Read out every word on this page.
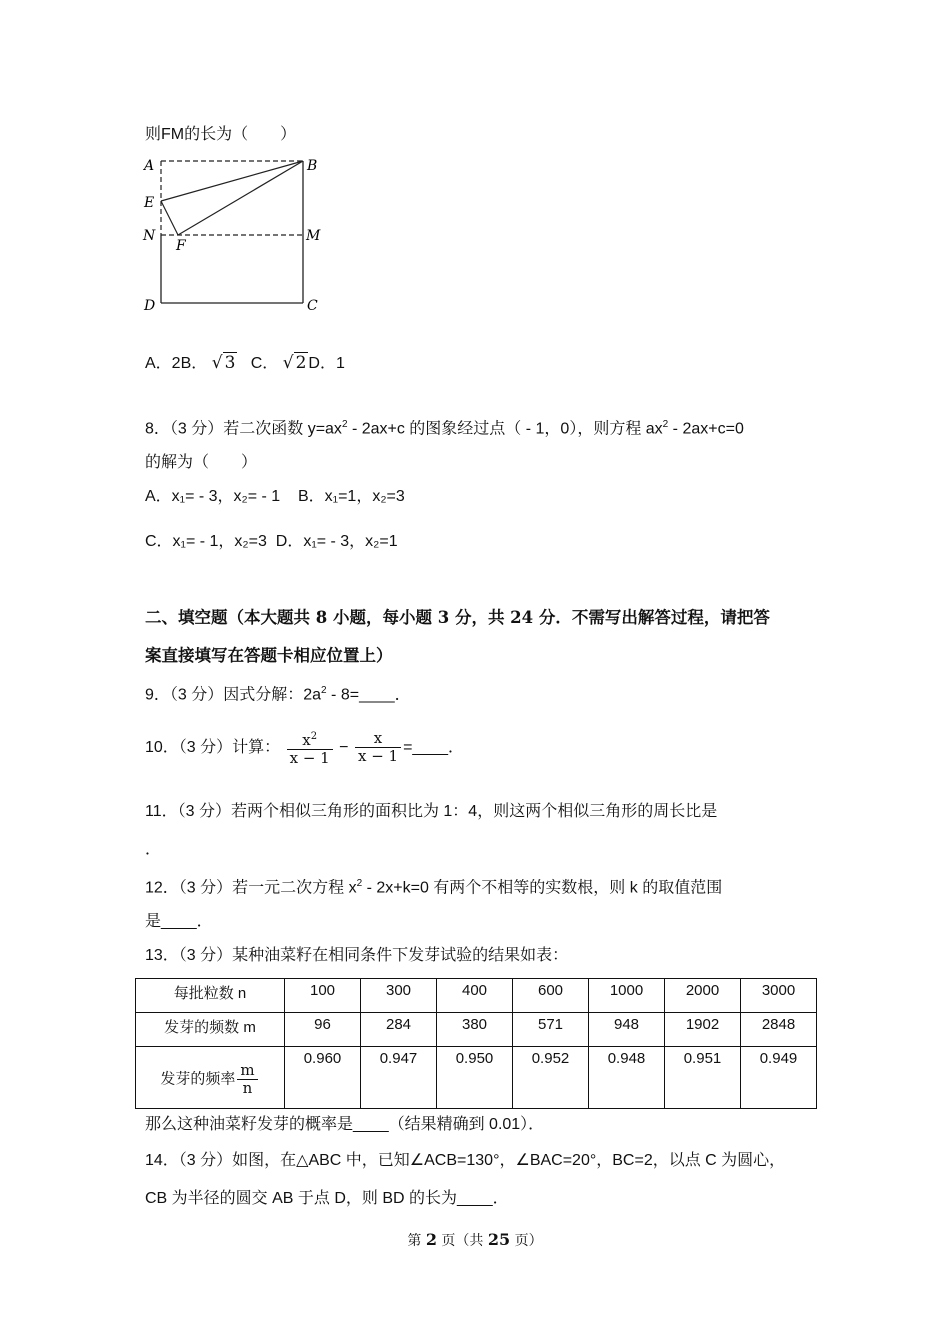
则FM的长为（　　）
A	B
E
N
F
M
D	C
A．2B． √ 3 C． √ 2 D．1
8．（3 分）若二次函数 $y=ax^2$ ‐ 2ax+c 的图象经过点（ ‐ 1，0），则方程 $ax^2$ ‐ 2ax+c=0
的解为（　　）
A．x₁= ‐ 3，x₂= ‐ 1 B．x₁=1，x₂=3
C．x₁= ‐ 1，x₂=3 D．x₁= ‐ 3，x₂=1
二、填空题（本大题共 8 小题，每小题 3 分，共 24 分．不需写出解答过程，请把答
案直接填写在答题卡相应位置上）
9．（3 分）因式分解：$2a^2$ ‐ 8=____．
10．（3 分）计算： $\frac{x^2}{x - 1} - \frac{x}{x - 1}$ =____．
11．（3 分）若两个相似三角形的面积比为 1：4，则这两个相似三角形的周长比是
．
12．（3 分）若一元二次方程 $x^2$ ‐ 2x+k=0 有两个不相等的实数根，则 k 的取值范围
是____．
13．（3 分）某种油菜籽在相同条件下发芽试验的结果如表：
每批粒数 n	100	300	400	600	1000	2000	3000
发芽的频数 m	96	284	380	571	948	1902	2848
发芽的频率 $\frac{m}{n}$	0.960	0.947	0.950	0.952	0.948	0.951	0.949
那么这种油菜籽发芽的概率是____（结果精确到 0.01）．
14．（3 分）如图，在△ABC 中，已知∠ACB=130°，∠BAC=20°，BC=2，以点 C 为圆心，
CB 为半径的圆交 AB 于点 D，则 BD 的长为____．
第 2 页（共 25 页）
